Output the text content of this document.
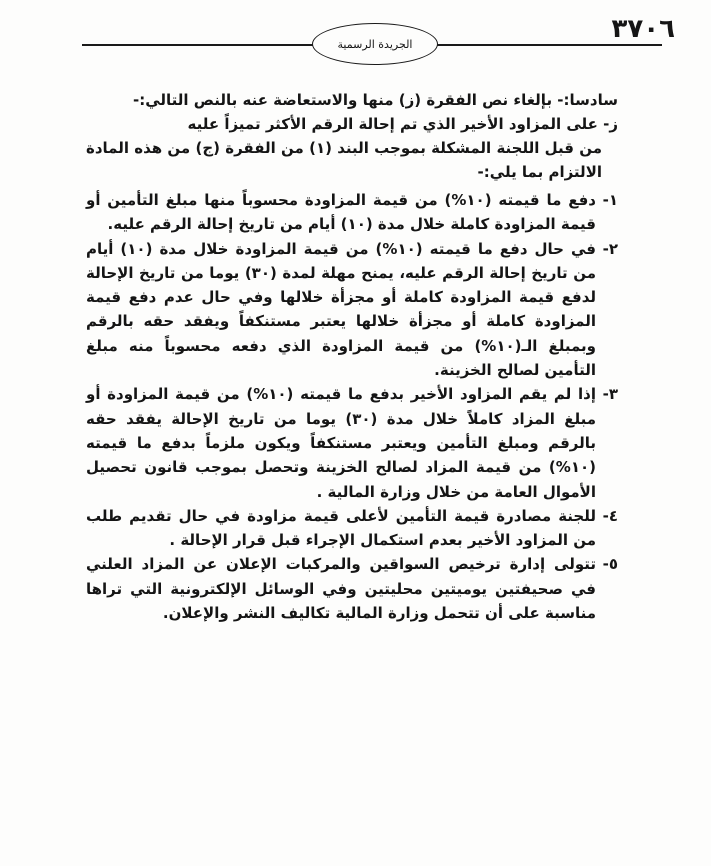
٣٧٠٦
الجريدة الرسمية

سادسا:- بإلغاء نص الفقرة (ز) منها والاستعاضة عنه بالنص التالي:-
ز- على المزاود الأخير الذي تم إحالة الرقم الأكثر تميزاً عليه
من قبل اللجنة المشكلة بموجب البند (١) من الفقرة (ج) من هذه المادة الالتزام بما يلي:-

١-
دفع ما قيمته (١٠%) من قيمة المزاودة محسوباً منها مبلغ التأمين أو قيمة المزاودة كاملة خلال مدة (١٠) أيام من تاريخ إحالة الرقم عليه.
٢-
في حال دفع ما قيمته (١٠%) من قيمة المزاودة خلال مدة (١٠) أيام من تاريخ إحالة الرقم عليه، يمنح مهلة لمدة (٣٠) يوما من تاريخ الإحالة لدفع قيمة المزاودة كاملة أو مجزأة خلالها وفي حال عدم دفع قيمة المزاودة كاملة أو مجزأة خلالها يعتبر مستنكفاً ويفقد حقه بالرقم وبمبلغ الـ(١٠%) من قيمة المزاودة الذي دفعه محسوباً منه مبلغ التأمين لصالح الخزينة.
٣-
إذا لم يقم المزاود الأخير بدفع ما قيمته (١٠%) من قيمة المزاودة أو مبلغ المزاد كاملاً خلال مدة (٣٠) يوما من تاريخ الإحالة يفقد حقه بالرقم ومبلغ التأمين ويعتبر مستنكفاً ويكون ملزماً بدفع ما قيمته (١٠%) من قيمة المزاد لصالح الخزينة وتحصل بموجب قانون تحصيل الأموال العامة من خلال وزارة المالية .
٤-
للجنة مصادرة قيمة التأمين لأعلى قيمة مزاودة في حال تقديم طلب من المزاود الأخير بعدم استكمال الإجراء قبل قرار الإحالة .
٥-
تتولى إدارة ترخيص السواقين والمركبات الإعلان عن المزاد العلني في صحيفتين يوميتين محليتين وفي الوسائل الإلكترونية التي تراها مناسبة على أن تتحمل وزارة المالية تكاليف النشر والإعلان.
